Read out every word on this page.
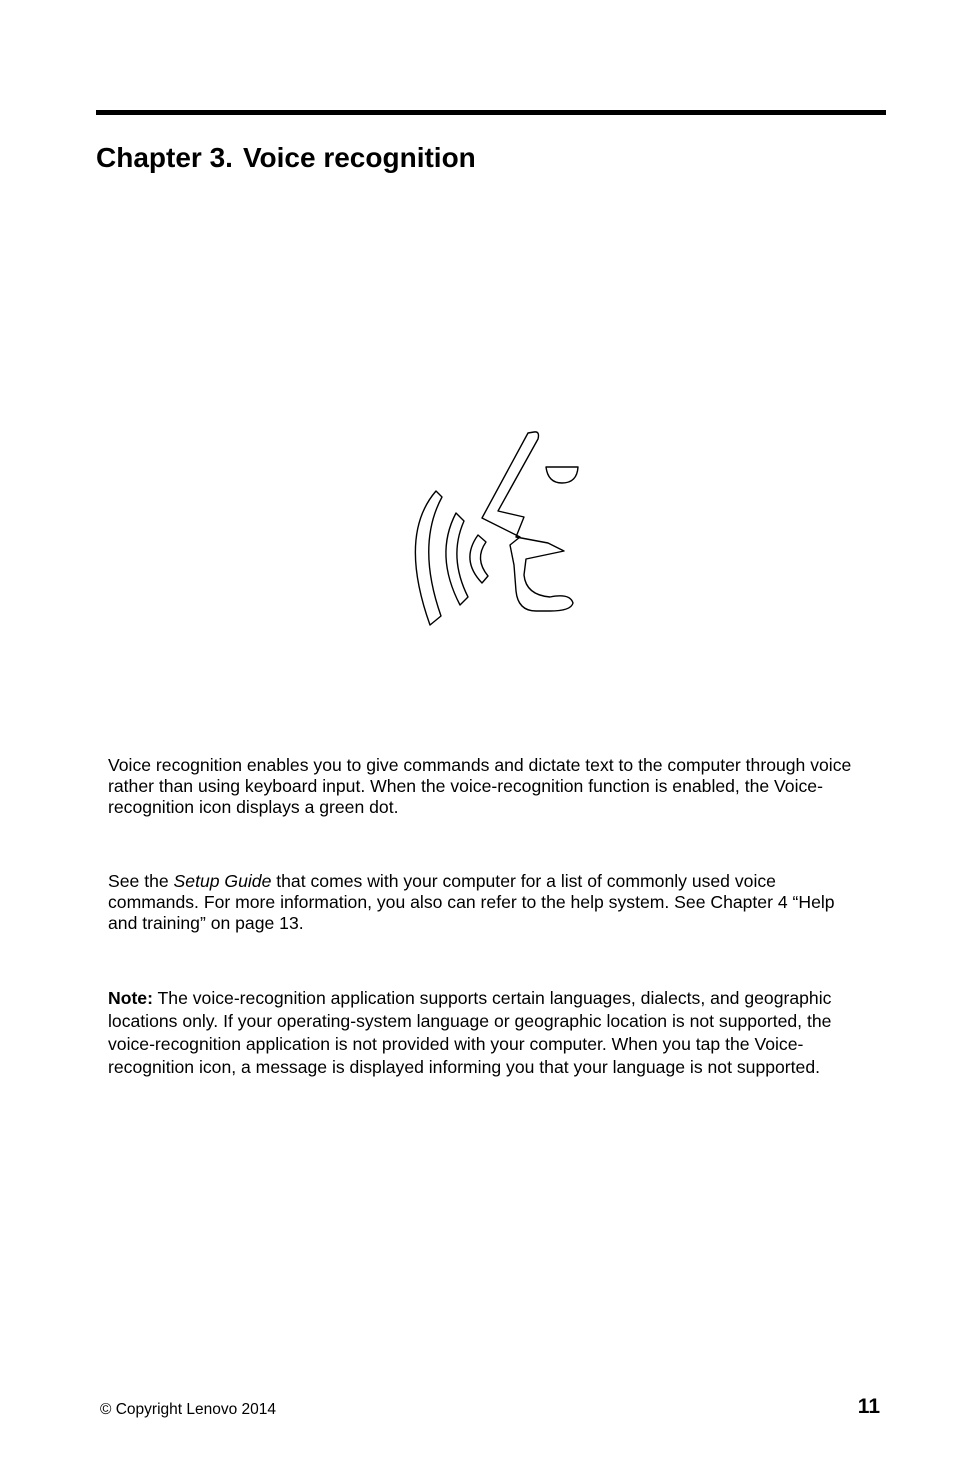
Chapter 3. Voice recognition

Voice recognition enables you to give commands and dictate text to the computer through voice rather than using keyboard input. When the voice-recognition function is enabled, the Voice-recognition icon displays a green dot.

See the Setup Guide that comes with your computer for a list of commonly used voice commands. For more information, you also can refer to the help system. See Chapter 4 “Help and training” on page 13.

Note: The voice-recognition application supports certain languages, dialects, and geographic locations only. If your operating-system language or geographic location is not supported, the voice-recognition application is not provided with your computer. When you tap the Voice-recognition icon, a message is displayed informing you that your language is not supported.

© Copyright Lenovo 2014	11
